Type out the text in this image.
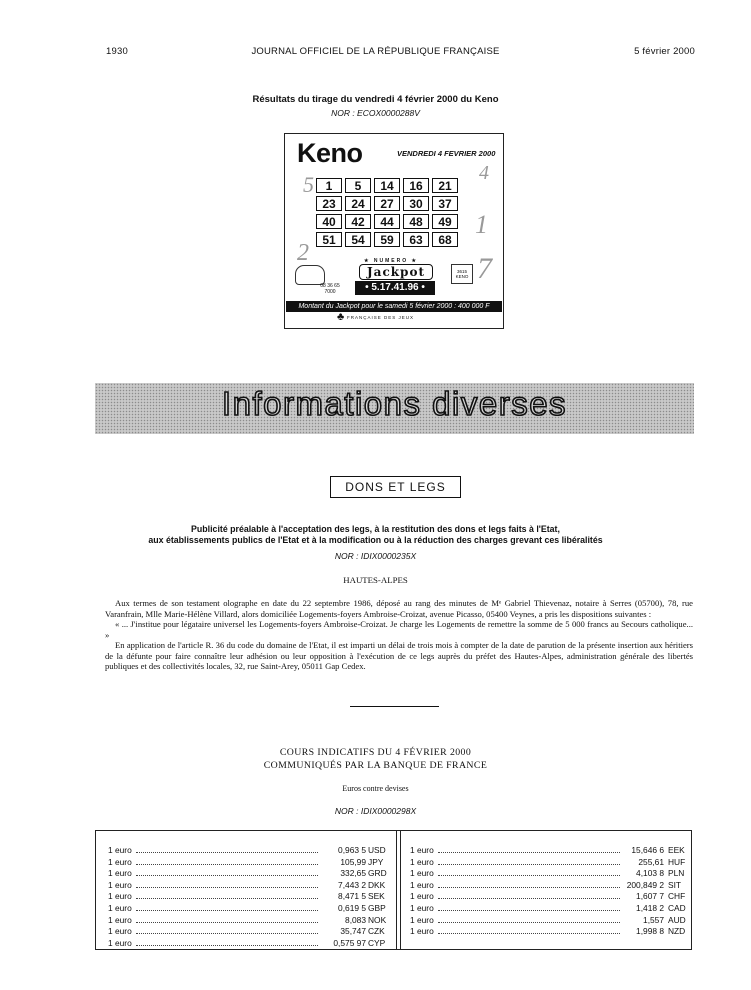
1930	JOURNAL OFFICIEL DE LA RÉPUBLIQUE FRANÇAISE	5 février 2000
Résultats du tirage du vendredi 4 février 2000 du Keno
NOR : ECOX0000288V
Keno	VENDREDI 4 FEVRIER 2000
5	4
1
2	7
1	5	14	16	21
23	24	27	30	37
40	42	44	48	49
51	54	59	63	68
08 36 65 7000
★ NUMERO ★
Jackpot
• 5.17.41.96 •
3615 KENO
Montant du Jackpot pour le samedi 5 février 2000 : 400 000 F
♣ FRANÇAISE DES JEUX
Informations diverses
DONS ET LEGS
Publicité préalable à l'acceptation des legs, à la restitution des dons et legs faits à l'Etat,
aux établissements publics de l'Etat et à la modification ou à la réduction des charges grevant ces libéralités
NOR : IDIX0000235X
HAUTES-ALPES

Aux termes de son testament olographe en date du 22 septembre 1986, déposé au rang des minutes de Mᵉ Gabriel Thievenaz, notaire à Serres (05700), 78, rue Varanfrain, Mlle Marie-Hélène Villard, alors domiciliée Logements-foyers Ambroise-Croizat, avenue Picasso, 05400 Veynes, a pris les dispositions suivantes :

« ... J'institue pour légataire universel les Logements-foyers Ambroise-Croizat. Je charge les Logements de remettre la somme de 5 000 francs au Secours catholique... »

En application de l'article R. 36 du code du domaine de l'Etat, il est imparti un délai de trois mois à compter de la date de parution de la présente insertion aux héritiers de la défunte pour faire connaître leur adhésion ou leur opposition à l'exécution de ce legs auprès du préfet des Hautes-Alpes, administration générale des libertés publiques et des collectivités locales, 32, rue Saint-Arey, 05011 Gap Cedex.

COURS INDICATIFS DU 4 FÉVRIER 2000
COMMUNIQUÉS PAR LA BANQUE DE FRANCE
Euros contre devises
NOR : IDIX0000298X
1 euro	0,963 5 USD
1 euro	105,99 JPY
1 euro	332,65 GRD
1 euro	7,443 2 DKK
1 euro	8,471 5 SEK
1 euro	0,619 5 GBP
1 euro	8,083 NOK
1 euro	35,747 CZK
1 euro	0,575 97 CYP
1 euro	15,646 6 EEK
1 euro	255,61 HUF
1 euro	4,103 8 PLN
1 euro	200,849 2 SIT
1 euro	1,607 7 CHF
1 euro	1,418 2 CAD
1 euro	1,557 AUD
1 euro	1,998 8 NZD
